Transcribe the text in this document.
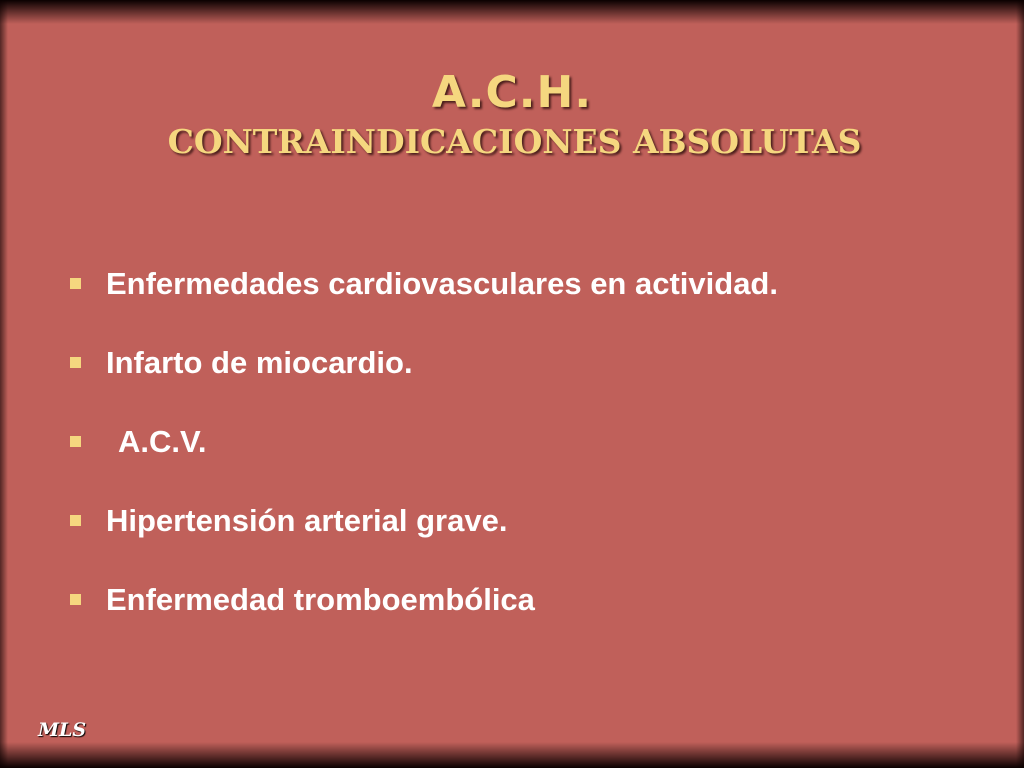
A.C.H.
CONTRAINDICACIONES ABSOLUTAS
Enfermedades cardiovasculares en actividad.
Infarto de miocardio.
A.C.V.
Hipertensión arterial grave.
Enfermedad tromboembólica
MLS
